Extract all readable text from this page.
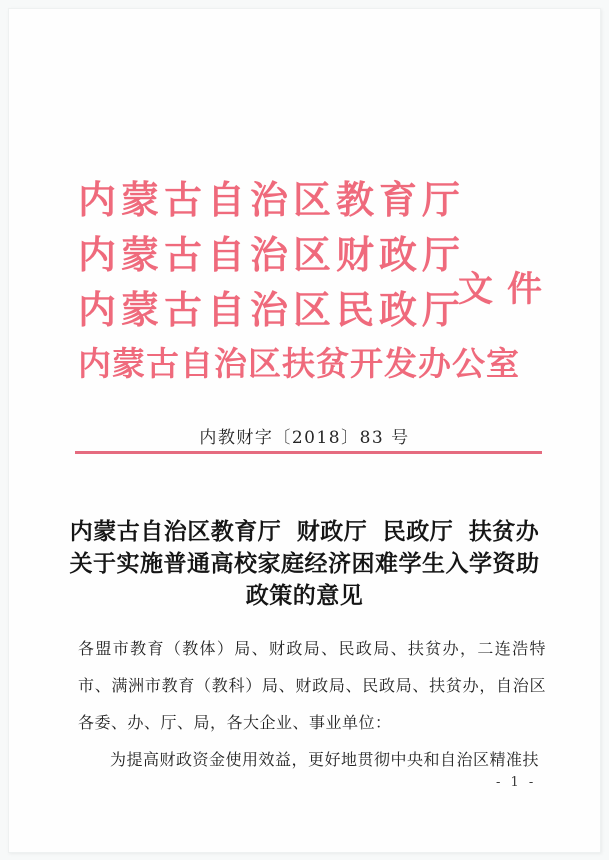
内蒙古自治区教育厅
内蒙古自治区财政厅
内蒙古自治区民政厅
内蒙古自治区扶贫开发办公室
文件
内教财字〔2018〕83 号
内蒙古自治区教育厅 财政厅 民政厅 扶贫办
关于实施普通高校家庭经济困难学生入学资助
政策的意见

各盟市教育（教体）局、财政局、民政局、扶贫办，二连浩特市、满洲市教育（教科）局、财政局、民政局、扶贫办，自治区各委、办、厅、局，各大企业、事业单位：

为提高财政资金使用效益，更好地贯彻中央和自治区精准扶

- 1 -
